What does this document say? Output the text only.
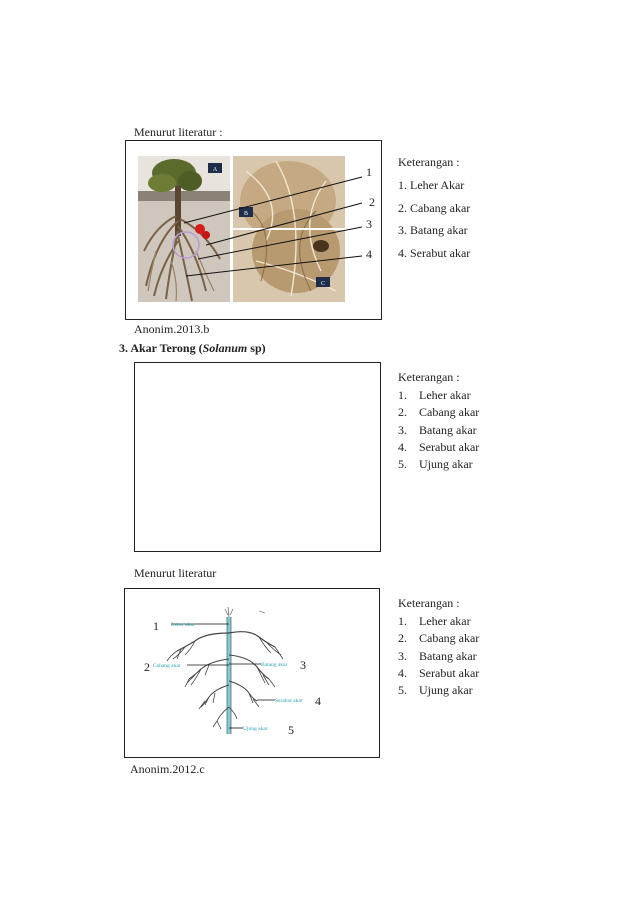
Menurut literatur :
A
B
C
1
2
3
4
Keterangan :
1. Leher Akar
2. Cabang akar
3. Batang akar
4. Serabut akar
Anonim.2013.b
3. Akar Terong (Solanum sp)
Keterangan :
1. Leher akar
2. Cabang akar
3. Batang akar
4. Serabut akar
5. Ujung akar
Menurut literatur
Leher akar
Cabang akar	Batang akar
Serabut akar
Ujung akar
1
2	3
4
5
Keterangan :
1. Leher akar
2. Cabang akar
3. Batang akar
4. Serabut akar
5. Ujung akar
Anonim.2012.c
